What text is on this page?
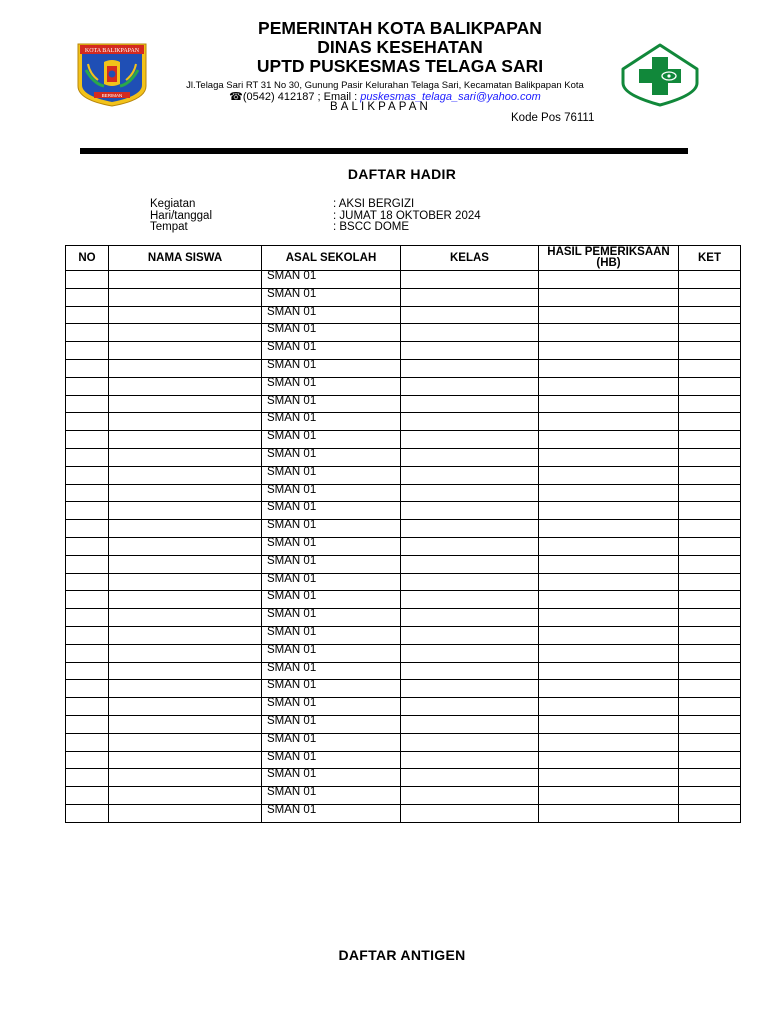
KOTA BALIKPAPAN
BERIMAN
PEMERINTAH KOTA BALIKPAPAN
DINAS KESEHATAN
UPTD PUSKESMAS TELAGA SARI
Jl.Telaga Sari RT 31 No 30, Gunung Pasir Kelurahan Telaga Sari, Kecamatan Balikpapan Kota
☎(0542) 412187 ; Email : puskesmas_telaga_sari@yahoo.com
BALIKPAPAN
Kode Pos 76111
DAFTAR HADIR
Kegiatan	: AKSI BERGIZI
Hari/tanggal	: JUMAT 18 OKTOBER 2024
Tempat	: BSCC DOME
NO	NAMA SISWA	ASAL SEKOLAH	KELAS	HASIL PEMERIKSAAN (HB)	KET
		SMAN 01			
		SMAN 01			
		SMAN 01			
		SMAN 01			
		SMAN 01			
		SMAN 01			
		SMAN 01			
		SMAN 01			
		SMAN 01			
		SMAN 01			
		SMAN 01			
		SMAN 01			
		SMAN 01			
		SMAN 01			
		SMAN 01			
		SMAN 01			
		SMAN 01			
		SMAN 01			
		SMAN 01			
		SMAN 01			
		SMAN 01			
		SMAN 01			
		SMAN 01			
		SMAN 01			
		SMAN 01			
		SMAN 01			
		SMAN 01			
		SMAN 01			
		SMAN 01			
		SMAN 01			
		SMAN 01			
DAFTAR ANTIGEN
